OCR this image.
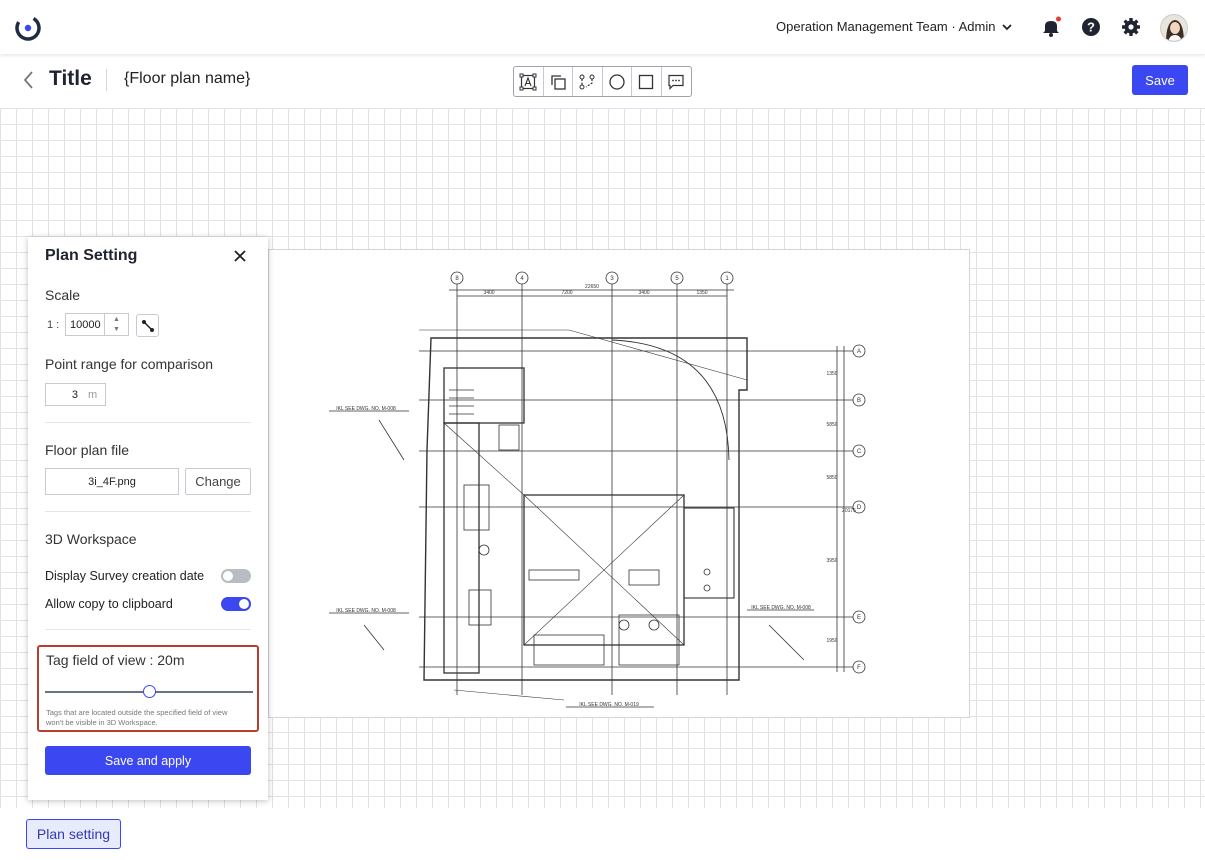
Operation Management Team · Admin	?
Title {Floor plan name}	Save
8	4	3	5	1
A
B
C
D
E
F
3400	7200	3400	1350
22650
1350
5850
5850
3950
1950
20175
IKL SEE DWG. NO. M-008
IKL SEE DWG. NO. M-008	IKL SEE DWG. NO. M-008
IKL SEE DWG. NO. M-019
Plan Setting
Scale
1 :
10000	▲
▼
Point range for comparison
3
m
Floor plan file
3i_4F.png	Change
3D Workspace
Display Survey creation date
Allow copy to clipboard
Tag field of view : 20m
Tags that are located outside the specified field of view won't be visible in 3D Workspace.
Save and apply
Plan setting
